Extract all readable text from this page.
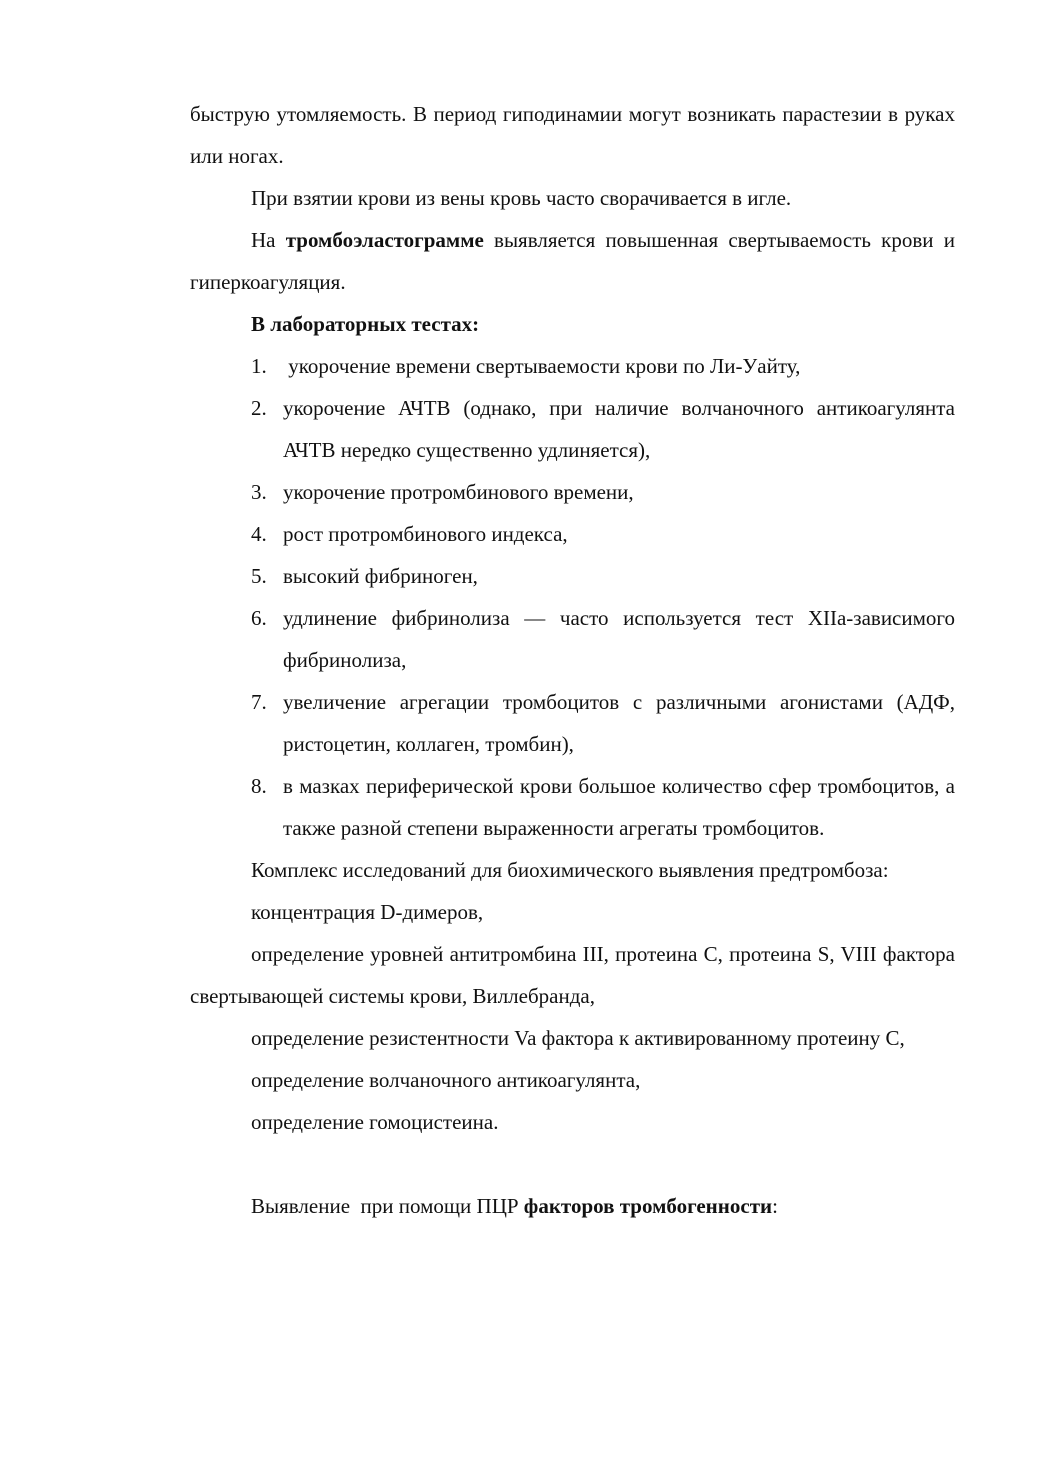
быструю утомляемость. В период гиподинамии могут возникать парастезии в руках или ногах.

При взятии крови из вены кровь часто сворачивается в игле.

На тромбоэластограмме выявляется повышенная свертываемость крови и гиперкоагуляция.

В лабораторных тестах:

1. укорочение времени свертываемости крови по Ли-Уайту,
2. укорочение АЧТВ (однако, при наличие волчаночного антикоагулянта АЧТВ нередко существенно удлиняется),
3. укорочение протромбинового времени,
4. рост протромбинового индекса,
5. высокий фибриноген,
6. удлинение фибринолиза — часто используется тест XIIа-зависимого фибринолиза,
7. увеличение агрегации тромбоцитов с различными агонистами (АДФ, ристоцетин, коллаген, тромбин),
8. в мазках периферической крови большое количество сфер тромбоцитов, а также разной степени выраженности агрегаты тромбоцитов.

Комплекс исследований для биохимического выявления предтромбоза:

концентрация D-димеров,

определение уровней антитромбина III, протеина C, протеина S, VIII фактора свертывающей системы крови, Виллебранда,

определение резистентности Va фактора к активированному протеину C,

определение волчаночного антикоагулянта,

определение гомоцистеина.

Выявление  при помощи ПЦР факторов тромбогенности:
